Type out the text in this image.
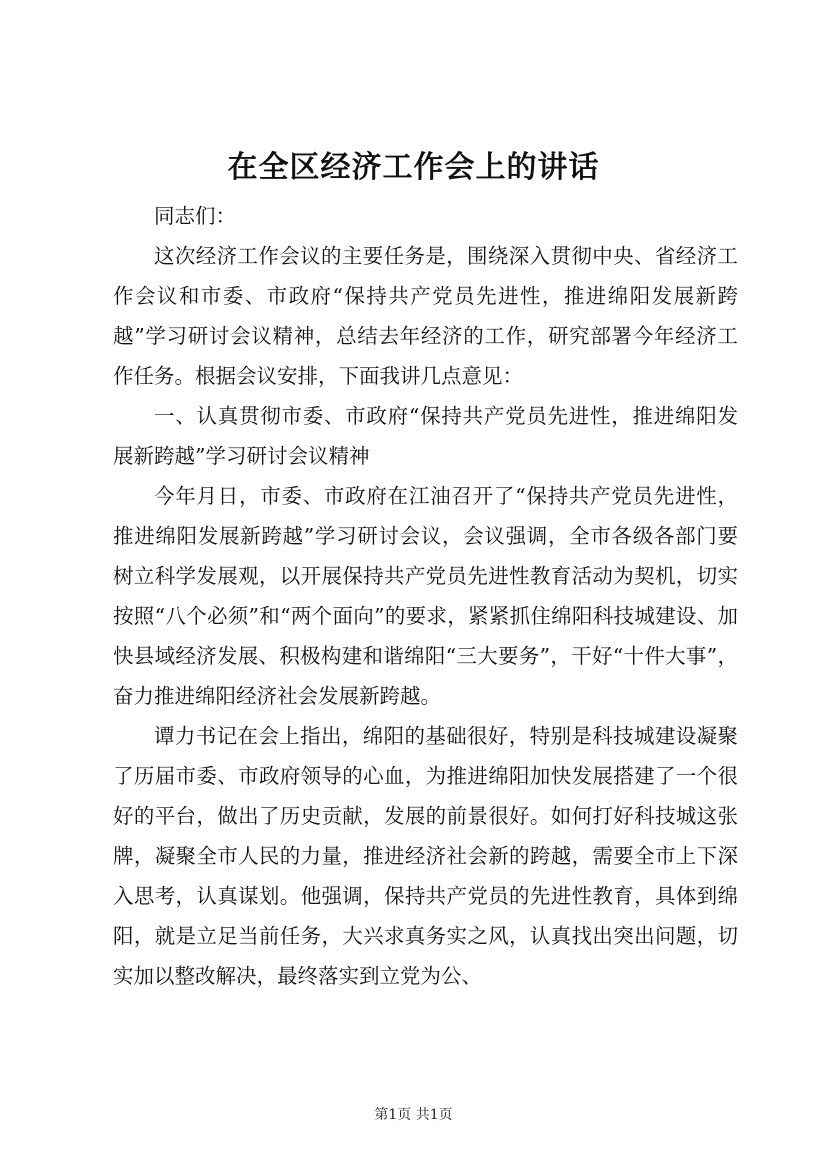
在全区经济工作会上的讲话

同志们：

这次经济工作会议的主要任务是，围绕深入贯彻中央、省经济工作会议和市委、市政府“保持共产党员先进性，推进绵阳发展新跨越”学习研讨会议精神，总结去年经济的工作，研究部署今年经济工作任务。根据会议安排，下面我讲几点意见：

一、认真贯彻市委、市政府“保持共产党员先进性，推进绵阳发展新跨越”学习研讨会议精神

今年月日，市委、市政府在江油召开了“保持共产党员先进性，推进绵阳发展新跨越”学习研讨会议，会议强调，全市各级各部门要树立科学发展观，以开展保持共产党员先进性教育活动为契机，切实按照“八个必须”和“两个面向”的要求，紧紧抓住绵阳科技城建设、加快县域经济发展、积极构建和谐绵阳“三大要务”，干好“十件大事”，奋力推进绵阳经济社会发展新跨越。

谭力书记在会上指出，绵阳的基础很好，特别是科技城建设凝聚了历届市委、市政府领导的心血，为推进绵阳加快发展搭建了一个很好的平台，做出了历史贡献，发展的前景很好。如何打好科技城这张牌，凝聚全市人民的力量，推进经济社会新的跨越，需要全市上下深入思考，认真谋划。他强调，保持共产党员的先进性教育，具体到绵阳，就是立足当前任务，大兴求真务实之风，认真找出突出问题，切实加以整改解决，最终落实到立党为公、

第1页 共1页
